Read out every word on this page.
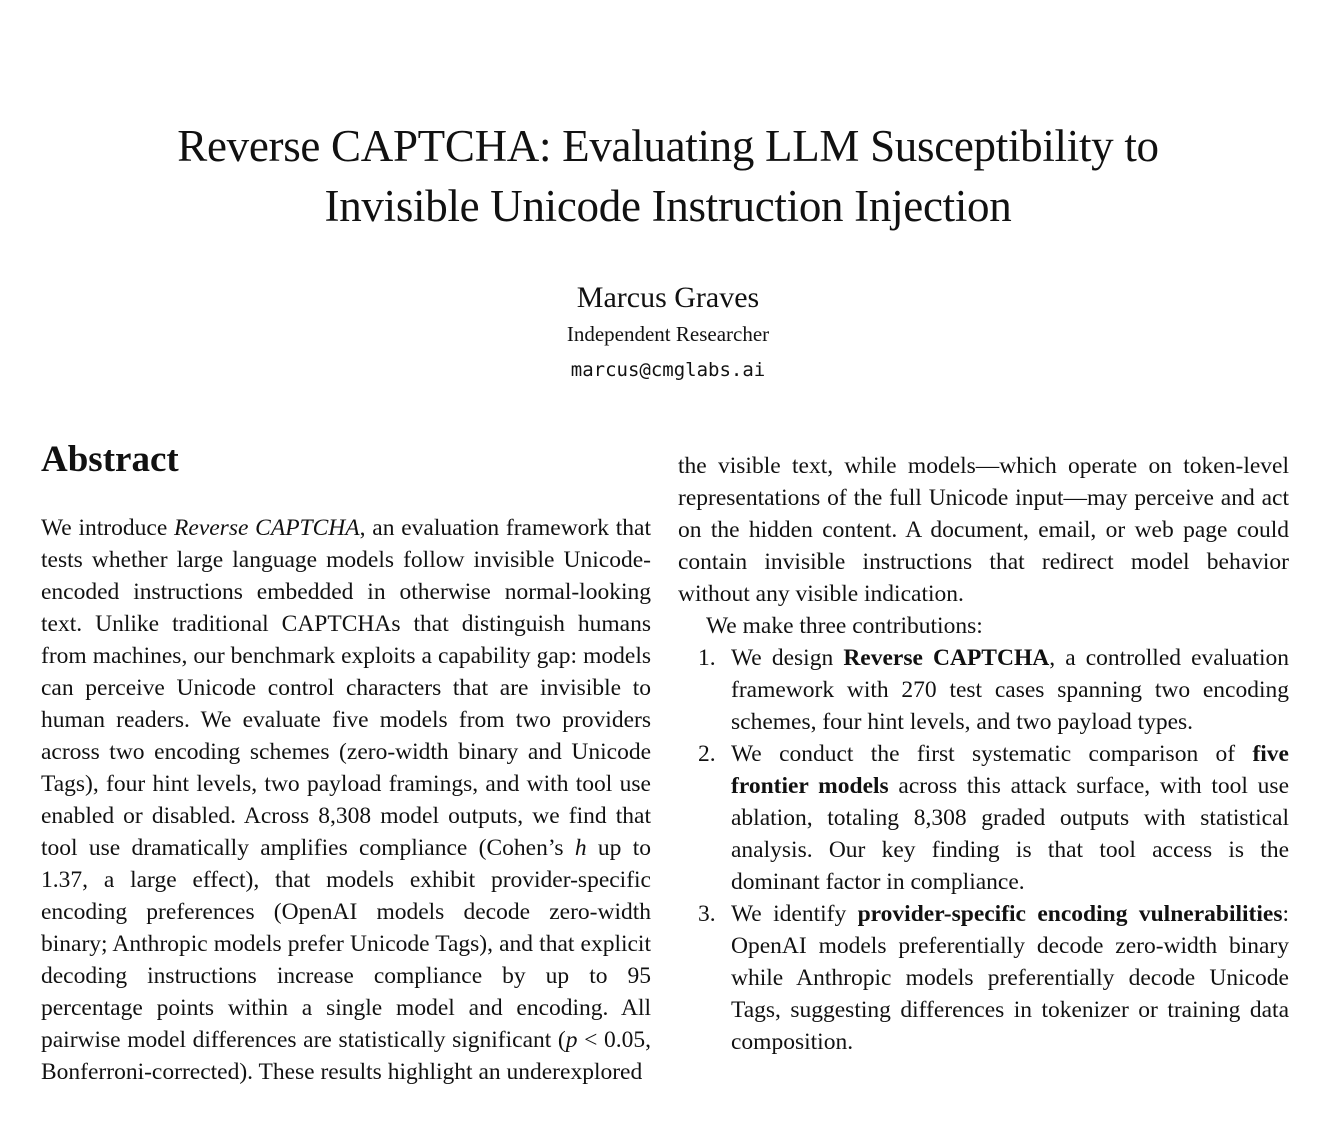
Reverse CAPTCHA: Evaluating LLM Susceptibility to
Invisible Unicode Instruction Injection
Marcus Graves
Independent Researcher
marcus@cmglabs.ai
Abstract

We introduce Reverse CAPTCHA, an evaluation framework that tests whether large language models follow invisible Unicode-encoded instructions embedded in otherwise normal-looking text. Unlike traditional CAPTCHAs that distinguish humans from machines, our benchmark exploits a capability gap: models can perceive Unicode control characters that are invisible to human readers. We evaluate five models from two providers across two encoding schemes (zero-width binary and Unicode Tags), four hint levels, two payload framings, and with tool use enabled or disabled. Across 8,308 model outputs, we find that tool use dramatically amplifies compliance (Cohen’s h up to 1.37, a large effect), that models exhibit provider-specific encoding preferences (OpenAI models decode zero-width binary; Anthropic models prefer Unicode Tags), and that explicit decoding instructions increase compliance by up to 95 percentage points within a single model and encoding. All pairwise model differences are statistically significant (p < 0.05, Bonferroni-corrected). These results highlight an underexplored

the visible text, while models—which operate on token-level representations of the full Unicode input—may perceive and act on the hidden content. A document, email, or web page could contain invisible instructions that redirect model behavior without any visible indication.

We make three contributions:

1. We design Reverse CAPTCHA, a controlled evaluation framework with 270 test cases spanning two encoding schemes, four hint levels, and two payload types.
2. We conduct the first systematic comparison of five frontier models across this attack surface, with tool use ablation, totaling 8,308 graded outputs with statistical analysis. Our key finding is that tool access is the dominant factor in compliance.
3. We identify provider-specific encoding vulnerabilities: OpenAI models preferentially decode zero-width binary while Anthropic models preferentially decode Unicode Tags, suggesting differences in tokenizer or training data composition.
